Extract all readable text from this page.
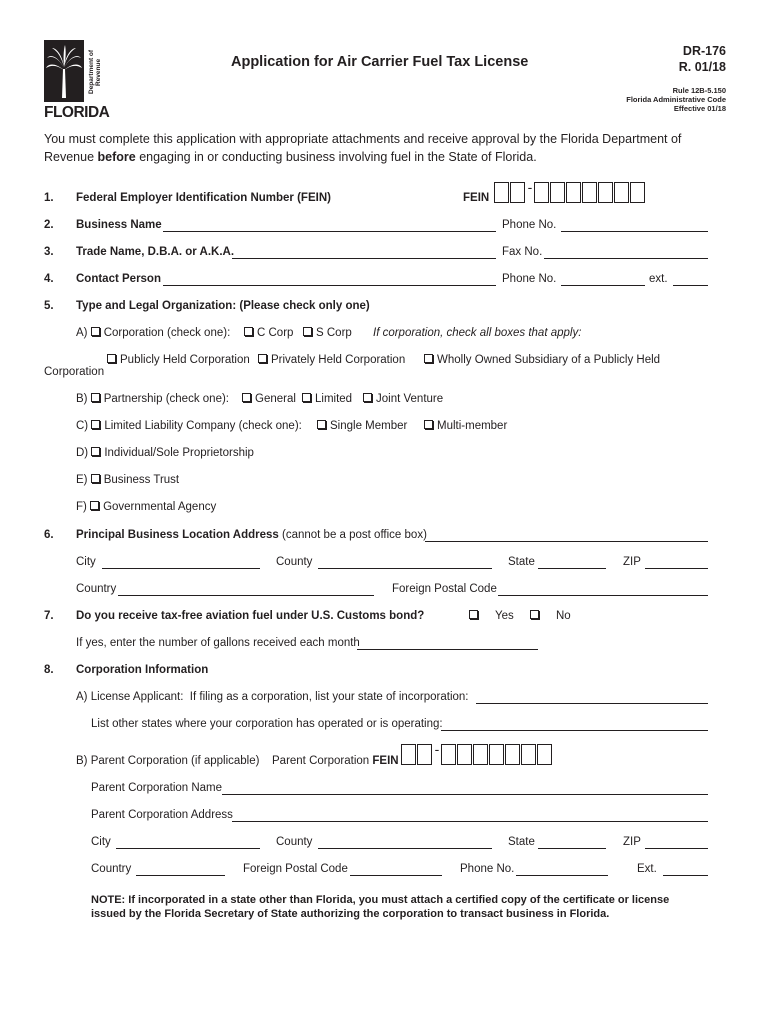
Department of Revenue
FLORIDA
Application for Air Carrier Fuel Tax License
DR-176
R. 01/18
Rule 12B-5.150
Florida Administrative Code
Effective 01/18
You must complete this application with appropriate attachments and receive approval by the Florida Department of
Revenue before engaging in or conducting business involving fuel in the State of Florida.
1. Federal Employer Identification Number (FEIN)	FEIN
-
2. Business Name	Phone No.
3. Trade Name, D.B.A. or A.K.A.	Fax No.
4. Contact Person	Phone No.	ext.
5. Type and Legal Organization: (Please check only one)
A) Corporation (check one):	C Corp	S Corp If corporation, check all boxes that apply:
Publicly Held Corporation	Privately Held Corporation	Wholly Owned Subsidiary of a Publicly Held
Corporation
B) Partnership (check one):	General	Limited	Joint Venture
C) Limited Liability Company (check one):	Single Member	Multi-member
D) Individual/Sole Proprietorship
E) Business Trust
F) Governmental Agency
6. Principal Business Location Address (cannot be a post office box)
City	County	State	ZIP
Country	Foreign Postal Code
7. Do you receive tax-free aviation fuel under U.S. Customs bond?	Yes	No
If yes, enter the number of gallons received each month
8. Corporation Information
A) License Applicant: If filing as a corporation, list your state of incorporation:
List other states where your corporation has operated or is operating:
B) Parent Corporation (if applicable) Parent Corporation FEIN
-
Parent Corporation Name
Parent Corporation Address
City	County	State	ZIP
Country	Foreign Postal Code	Phone No.	Ext.
NOTE: If incorporated in a state other than Florida, you must attach a certified copy of the certificate or license
issued by the Florida Secretary of State authorizing the corporation to transact business in Florida.
